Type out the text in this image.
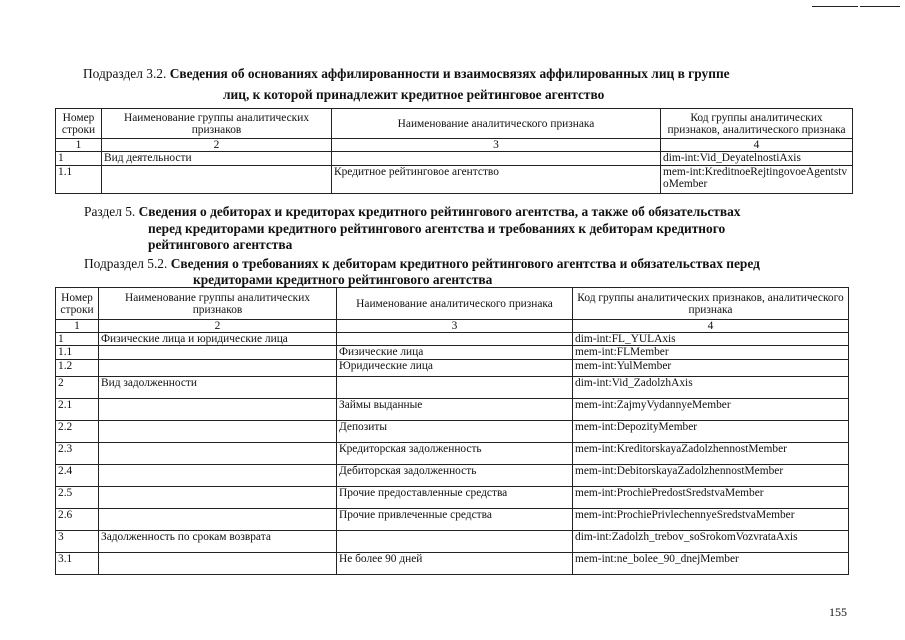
Подраздел 3.2. Сведения об основаниях аффилированности и взаимосвязях аффилированных лиц в группе
лиц, к которой принадлежит кредитное рейтинговое агентство
Номер строки	Наименование группы аналитических признаков	Наименование аналитического признака	Код группы аналитических признаков, аналитического признака
1	2	3	4
1	Вид деятельности		dim-int:Vid_DeyatelnostiAxis
1.1		Кредитное рейтинговое агентство	mem-int:KreditnoeRejtingovoeAgentstvoMember
Раздел 5. Сведения о дебиторах и кредиторах кредитного рейтингового агентства, а также об обязательствах
перед кредиторами кредитного рейтингового агентства и требованиях к дебиторам кредитного
рейтингового агентства
Подраздел 5.2. Сведения о требованиях к дебиторам кредитного рейтингового агентства и обязательствах перед
кредиторами кредитного рейтингового агентства
Номер строки	Наименование группы аналитических признаков	Наименование аналитического признака	Код группы аналитических признаков, аналитического признака
1	2	3	4
1	Физические лица и юридические лица		dim-int:FL_YULAxis
1.1		Физические лица	mem-int:FLMember
1.2		Юридические лица	mem-int:YulMember
2	Вид задолженности		dim-int:Vid_ZadolzhAxis
2.1		Займы выданные	mem-int:ZajmyVydannyeMember
2.2		Депозиты	mem-int:DepozityMember
2.3		Кредиторская задолженность	mem-int:KreditorskayaZadolzhennostMember
2.4		Дебиторская задолженность	mem-int:DebitorskayaZadolzhennostMember
2.5		Прочие предоставленные средства	mem-int:ProchiePredostSredstvaMember
2.6		Прочие привлеченные средства	mem-int:ProchiePrivlechennyeSredstvaMember
3	Задолженность по срокам возврата		dim-int:Zadolzh_trebov_soSrokomVozvrataAxis
3.1		Не более 90 дней	mem-int:ne_bolee_90_dnejMember
155
